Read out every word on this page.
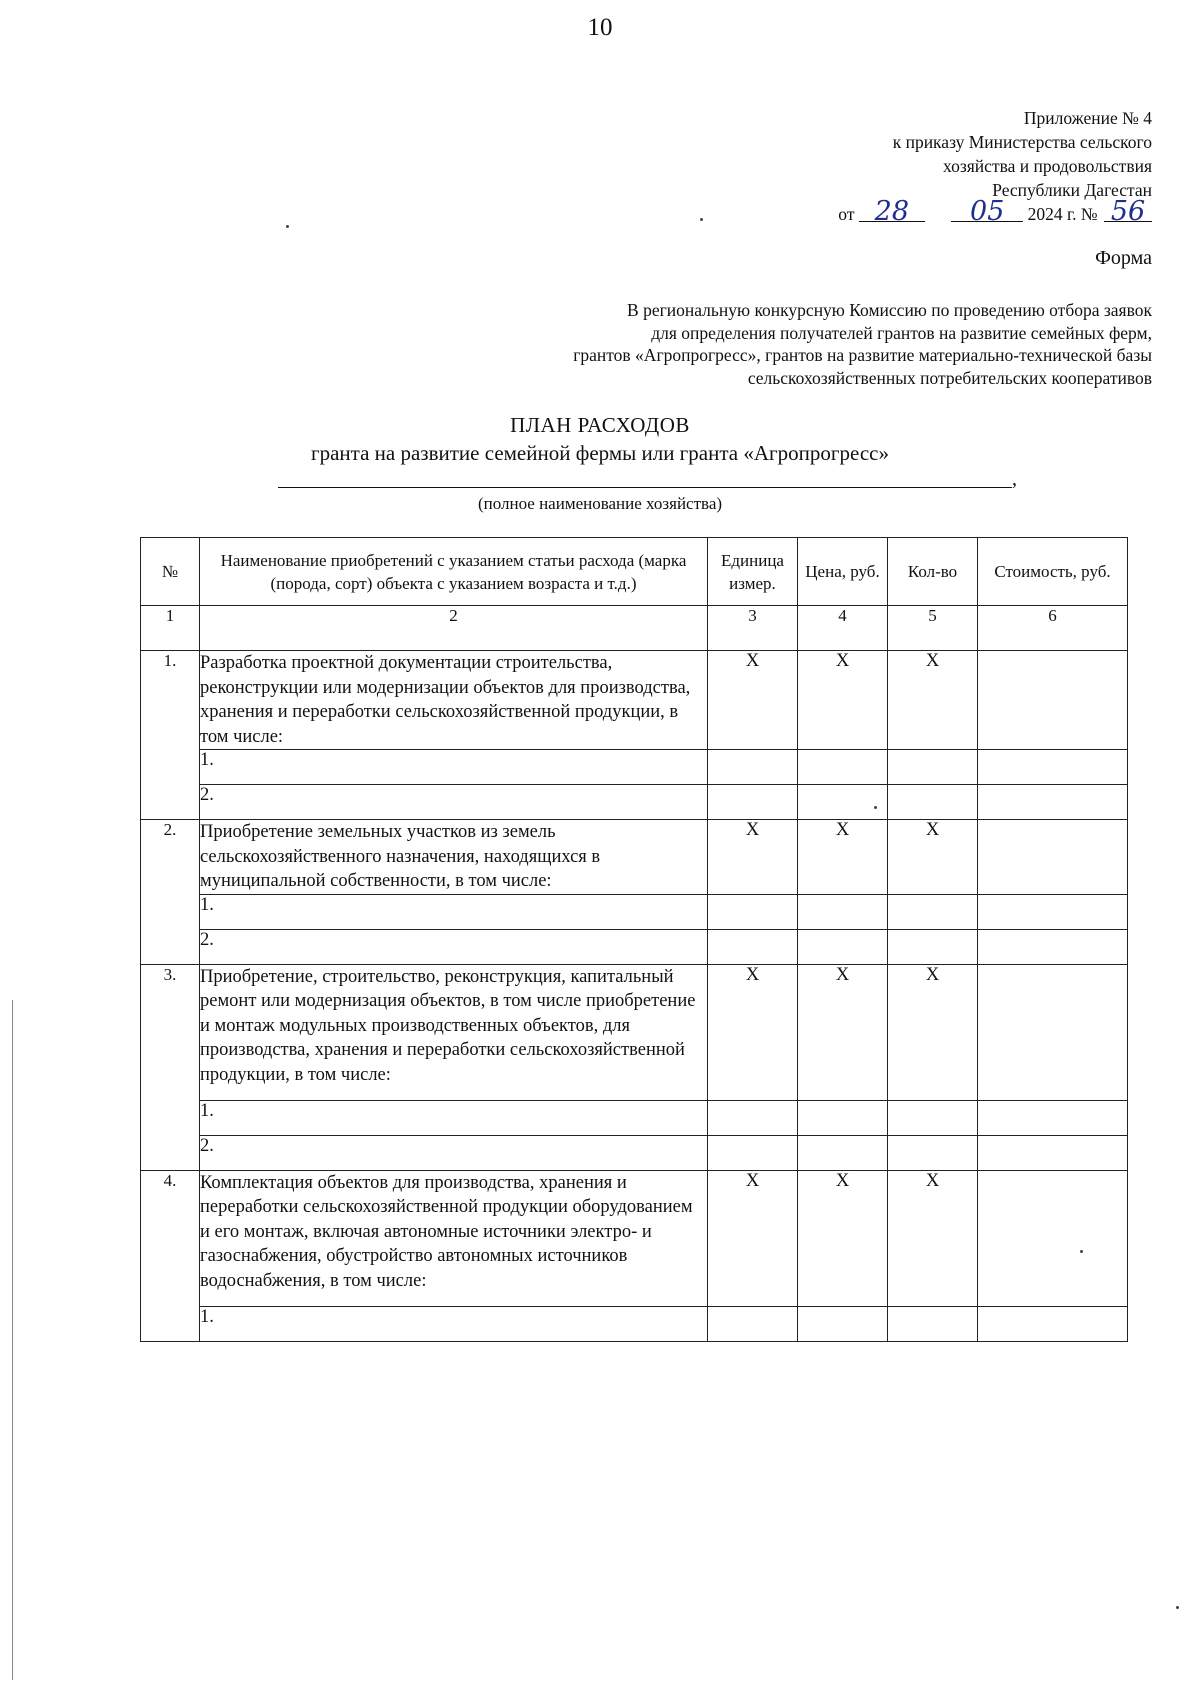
10
Приложение № 4
к приказу Министерства сельского
хозяйства и продовольствия
Республики Дагестан
от 28 05 2024 г. № 56
Форма
В региональную конкурсную Комиссию по проведению отбора заявок
для определения получателей грантов на развитие семейных ферм,
грантов «Агропрогресс», грантов на развитие материально-технической базы
сельскохозяйственных потребительских кооперативов
ПЛАН РАСХОДОВ
гранта на развитие семейной фермы или гранта «Агропрогресс»
,
(полное наименование хозяйства)
№	Наименование приобретений с указанием статьи расхода (марка (порода, сорт) объекта с указанием возраста и т.д.)	Единица измер.	Цена, руб.	Кол-во	Стоимость, руб.
1	2	3	4	5	6
1.	Разработка проектной документации строительства, реконструкции или модернизации объектов для производства, хранения и переработки сельскохозяйственной продукции, в том числе:	X	X	X	
	1.				
	2.				
2.	Приобретение земельных участков из земель сельскохозяйственного назначения, находящихся в муниципальной собственности, в том числе:	X	X	X	
	1.				
	2.				
3.	Приобретение, строительство, реконструкция, капитальный ремонт или модернизация объектов, в том числе приобретение и монтаж модульных производственных объектов, для производства, хранения и переработки сельскохозяйственной продукции, в том числе:	X	X	X	
	1.				
	2.				
4.	Комплектация объектов для производства, хранения и переработки сельскохозяйственной продукции оборудованием и его монтаж, включая автономные источники электро- и газоснабжения, обустройство автономных источников водоснабжения, в том числе:	X	X	X	
	1.				
